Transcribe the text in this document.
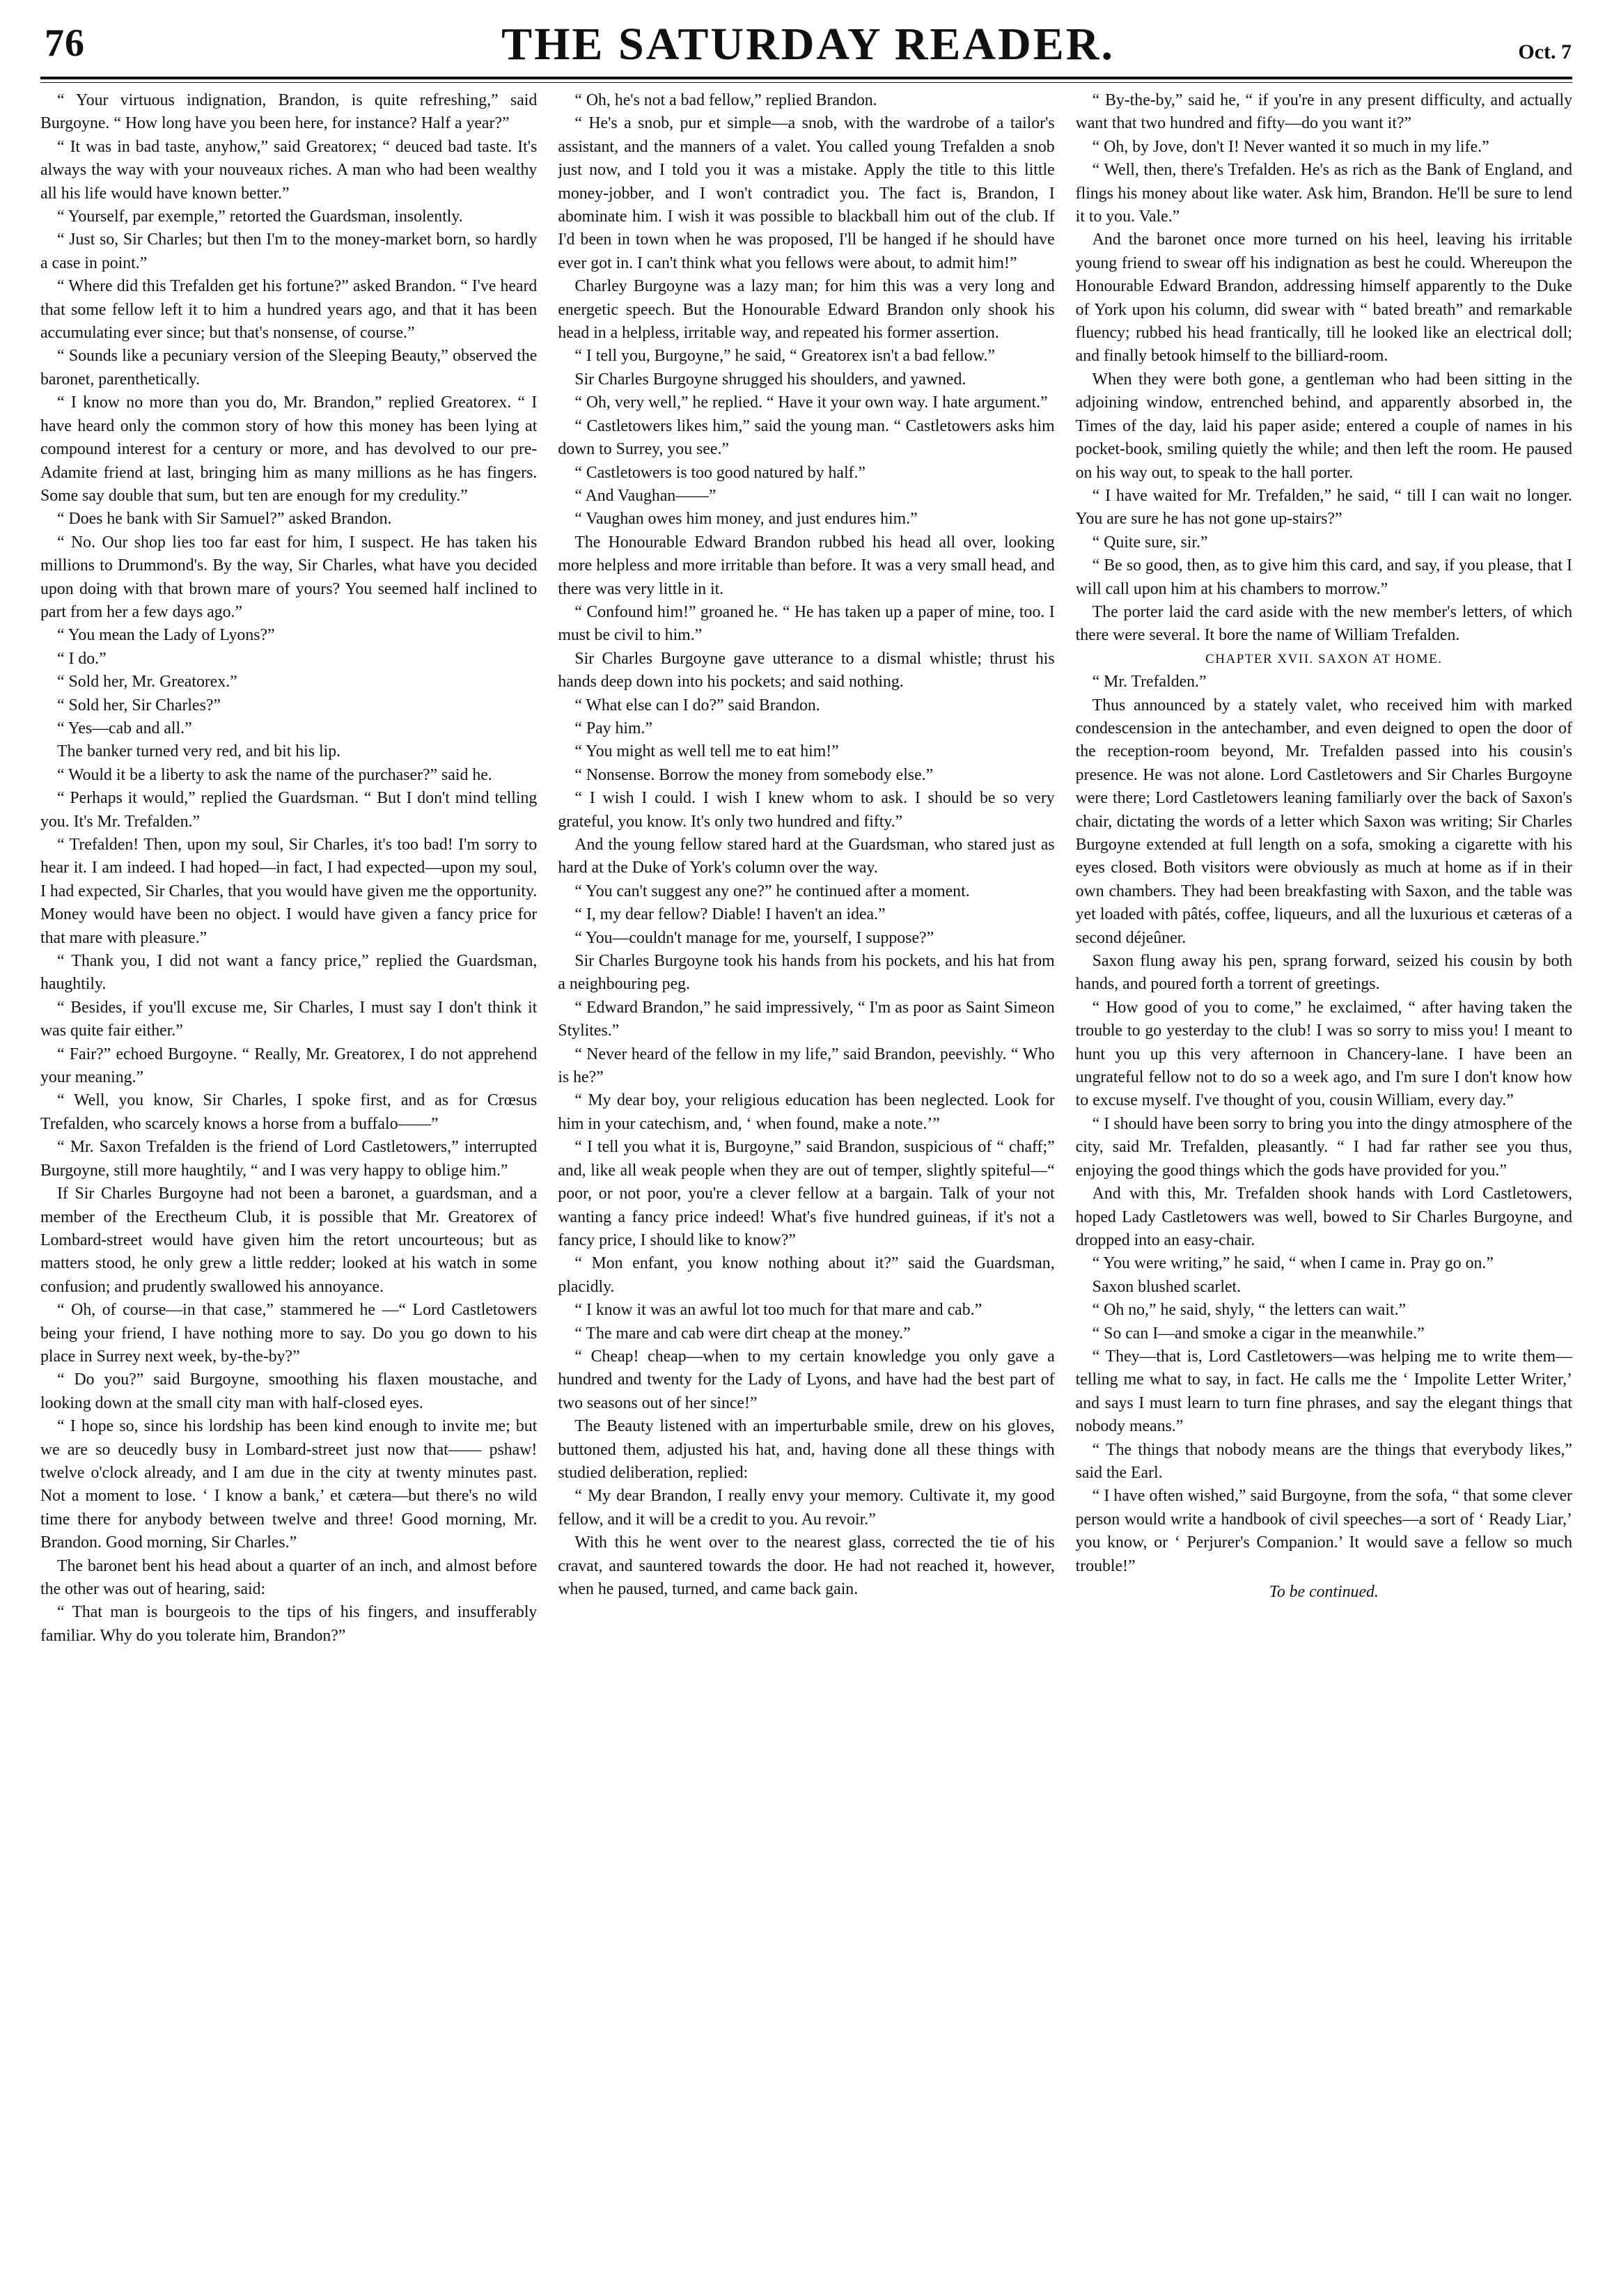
76	THE SATURDAY READER.	Oct. 7

“ Your virtuous indignation, Brandon, is quite refreshing,” said Burgoyne. “ How long have you been here, for instance? Half a year?”

“ It was in bad taste, anyhow,” said Greatorex; “ deuced bad taste. It's always the way with your nouveaux riches. A man who had been wealthy all his life would have known better.”

“ Yourself, par exemple,” retorted the Guardsman, insolently.

“ Just so, Sir Charles; but then I'm to the money-market born, so hardly a case in point.”

“ Where did this Trefalden get his fortune?” asked Brandon. “ I've heard that some fellow left it to him a hundred years ago, and that it has been accumulating ever since; but that's nonsense, of course.”

“ Sounds like a pecuniary version of the Sleeping Beauty,” observed the baronet, parenthetically.

“ I know no more than you do, Mr. Brandon,” replied Greatorex. “ I have heard only the common story of how this money has been lying at compound interest for a century or more, and has devolved to our pre-Adamite friend at last, bringing him as many millions as he has fingers. Some say double that sum, but ten are enough for my credulity.”

“ Does he bank with Sir Samuel?” asked Brandon.

“ No. Our shop lies too far east for him, I suspect. He has taken his millions to Drummond's. By the way, Sir Charles, what have you decided upon doing with that brown mare of yours? You seemed half inclined to part from her a few days ago.”

“ You mean the Lady of Lyons?”

“ I do.”

“ Sold her, Mr. Greatorex.”

“ Sold her, Sir Charles?”

“ Yes—cab and all.”

The banker turned very red, and bit his lip.

“ Would it be a liberty to ask the name of the purchaser?” said he.

“ Perhaps it would,” replied the Guardsman. “ But I don't mind telling you. It's Mr. Trefalden.”

“ Trefalden! Then, upon my soul, Sir Charles, it's too bad! I'm sorry to hear it. I am indeed. I had hoped—in fact, I had expected—upon my soul, I had expected, Sir Charles, that you would have given me the opportunity. Money would have been no object. I would have given a fancy price for that mare with pleasure.”

“ Thank you, I did not want a fancy price,” replied the Guardsman, haughtily.

“ Besides, if you'll excuse me, Sir Charles, I must say I don't think it was quite fair either.”

“ Fair?” echoed Burgoyne. “ Really, Mr. Greatorex, I do not apprehend your meaning.”

“ Well, you know, Sir Charles, I spoke first, and as for Crœsus Trefalden, who scarcely knows a horse from a buffalo——”

“ Mr. Saxon Trefalden is the friend of Lord Castletowers,” interrupted Burgoyne, still more haughtily, “ and I was very happy to oblige him.”

If Sir Charles Burgoyne had not been a baronet, a guardsman, and a member of the Erectheum Club, it is possible that Mr. Greatorex of Lombard-street would have given him the retort uncourteous; but as matters stood, he only grew a little redder; looked at his watch in some confusion; and prudently swallowed his annoyance.

“ Oh, of course—in that case,” stammered he —“ Lord Castletowers being your friend, I have nothing more to say. Do you go down to his place in Surrey next week, by-the-by?”

“ Do you?” said Burgoyne, smoothing his flaxen moustache, and looking down at the small city man with half-closed eyes.

“ I hope so, since his lordship has been kind enough to invite me; but we are so deucedly busy in Lombard-street just now that—— pshaw! twelve o'clock already, and I am due in the city at twenty minutes past. Not a moment to lose. ‘ I know a bank,’ et cætera—but there's no wild time there for anybody between twelve and three! Good morning, Mr. Brandon. Good morning, Sir Charles.”

The baronet bent his head about a quarter of an inch, and almost before the other was out of hearing, said:

“ That man is bourgeois to the tips of his fingers, and insufferably familiar. Why do you tolerate him, Brandon?”

“ Oh, he's not a bad fellow,” replied Brandon.

“ He's a snob, pur et simple—a snob, with the wardrobe of a tailor's assistant, and the manners of a valet. You called young Trefalden a snob just now, and I told you it was a mistake. Apply the title to this little money-jobber, and I won't contradict you. The fact is, Brandon, I abominate him. I wish it was possible to blackball him out of the club. If I'd been in town when he was proposed, I'll be hanged if he should have ever got in. I can't think what you fellows were about, to admit him!”

Charley Burgoyne was a lazy man; for him this was a very long and energetic speech. But the Honourable Edward Brandon only shook his head in a helpless, irritable way, and repeated his former assertion.

“ I tell you, Burgoyne,” he said, “ Greatorex isn't a bad fellow.”

Sir Charles Burgoyne shrugged his shoulders, and yawned.

“ Oh, very well,” he replied. “ Have it your own way. I hate argument.”

“ Castletowers likes him,” said the young man. “ Castletowers asks him down to Surrey, you see.”

“ Castletowers is too good natured by half.”

“ And Vaughan——”

“ Vaughan owes him money, and just endures him.”

The Honourable Edward Brandon rubbed his head all over, looking more helpless and more irritable than before. It was a very small head, and there was very little in it.

“ Confound him!” groaned he. “ He has taken up a paper of mine, too. I must be civil to him.”

Sir Charles Burgoyne gave utterance to a dismal whistle; thrust his hands deep down into his pockets; and said nothing.

“ What else can I do?” said Brandon.

“ Pay him.”

“ You might as well tell me to eat him!”

“ Nonsense. Borrow the money from somebody else.”

“ I wish I could. I wish I knew whom to ask. I should be so very grateful, you know. It's only two hundred and fifty.”

And the young fellow stared hard at the Guardsman, who stared just as hard at the Duke of York's column over the way.

“ You can't suggest any one?” he continued after a moment.

“ I, my dear fellow? Diable! I haven't an idea.”

“ You—couldn't manage for me, yourself, I suppose?”

Sir Charles Burgoyne took his hands from his pockets, and his hat from a neighbouring peg.

“ Edward Brandon,” he said impressively, “ I'm as poor as Saint Simeon Stylites.”

“ Never heard of the fellow in my life,” said Brandon, peevishly. “ Who is he?”

“ My dear boy, your religious education has been neglected. Look for him in your catechism, and, ‘ when found, make a note.’”

“ I tell you what it is, Burgoyne,” said Brandon, suspicious of “ chaff;” and, like all weak people when they are out of temper, slightly spiteful—“ poor, or not poor, you're a clever fellow at a bargain. Talk of your not wanting a fancy price indeed! What's five hundred guineas, if it's not a fancy price, I should like to know?”

“ Mon enfant, you know nothing about it?” said the Guardsman, placidly.

“ I know it was an awful lot too much for that mare and cab.”

“ The mare and cab were dirt cheap at the money.”

“ Cheap! cheap—when to my certain knowledge you only gave a hundred and twenty for the Lady of Lyons, and have had the best part of two seasons out of her since!”

The Beauty listened with an imperturbable smile, drew on his gloves, buttoned them, adjusted his hat, and, having done all these things with studied deliberation, replied:

“ My dear Brandon, I really envy your memory. Cultivate it, my good fellow, and it will be a credit to you. Au revoir.”

With this he went over to the nearest glass, corrected the tie of his cravat, and sauntered towards the door. He had not reached it, however, when he paused, turned, and came back gain.

“ By-the-by,” said he, “ if you're in any present difficulty, and actually want that two hundred and fifty—do you want it?”

“ Oh, by Jove, don't I! Never wanted it so much in my life.”

“ Well, then, there's Trefalden. He's as rich as the Bank of England, and flings his money about like water. Ask him, Brandon. He'll be sure to lend it to you. Vale.”

And the baronet once more turned on his heel, leaving his irritable young friend to swear off his indignation as best he could. Whereupon the Honourable Edward Brandon, addressing himself apparently to the Duke of York upon his column, did swear with “ bated breath” and remarkable fluency; rubbed his head frantically, till he looked like an electrical doll; and finally betook himself to the billiard-room.

When they were both gone, a gentleman who had been sitting in the adjoining window, entrenched behind, and apparently absorbed in, the Times of the day, laid his paper aside; entered a couple of names in his pocket-book, smiling quietly the while; and then left the room. He paused on his way out, to speak to the hall porter.

“ I have waited for Mr. Trefalden,” he said, “ till I can wait no longer. You are sure he has not gone up-stairs?”

“ Quite sure, sir.”

“ Be so good, then, as to give him this card, and say, if you please, that I will call upon him at his chambers to morrow.”

The porter laid the card aside with the new member's letters, of which there were several. It bore the name of William Trefalden.

CHAPTER XVII. SAXON AT HOME.

“ Mr. Trefalden.”

Thus announced by a stately valet, who received him with marked condescension in the antechamber, and even deigned to open the door of the reception-room beyond, Mr. Trefalden passed into his cousin's presence. He was not alone. Lord Castletowers and Sir Charles Burgoyne were there; Lord Castletowers leaning familiarly over the back of Saxon's chair, dictating the words of a letter which Saxon was writing; Sir Charles Burgoyne extended at full length on a sofa, smoking a cigarette with his eyes closed. Both visitors were obviously as much at home as if in their own chambers. They had been breakfasting with Saxon, and the table was yet loaded with pâtés, coffee, liqueurs, and all the luxurious et cæteras of a second déjeûner.

Saxon flung away his pen, sprang forward, seized his cousin by both hands, and poured forth a torrent of greetings.

“ How good of you to come,” he exclaimed, “ after having taken the trouble to go yesterday to the club! I was so sorry to miss you! I meant to hunt you up this very afternoon in Chancery-lane. I have been an ungrateful fellow not to do so a week ago, and I'm sure I don't know how to excuse myself. I've thought of you, cousin William, every day.”

“ I should have been sorry to bring you into the dingy atmosphere of the city, said Mr. Trefalden, pleasantly. “ I had far rather see you thus, enjoying the good things which the gods have provided for you.”

And with this, Mr. Trefalden shook hands with Lord Castletowers, hoped Lady Castletowers was well, bowed to Sir Charles Burgoyne, and dropped into an easy-chair.

“ You were writing,” he said, “ when I came in. Pray go on.”

Saxon blushed scarlet.

“ Oh no,” he said, shyly, “ the letters can wait.”

“ So can I—and smoke a cigar in the meanwhile.”

“ They—that is, Lord Castletowers—was helping me to write them—telling me what to say, in fact. He calls me the ‘ Impolite Letter Writer,’ and says I must learn to turn fine phrases, and say the elegant things that nobody means.”

“ The things that nobody means are the things that everybody likes,” said the Earl.

“ I have often wished,” said Burgoyne, from the sofa, “ that some clever person would write a handbook of civil speeches—a sort of ‘ Ready Liar,’ you know, or ‘ Perjurer's Companion.’ It would save a fellow so much trouble!”

To be continued.
